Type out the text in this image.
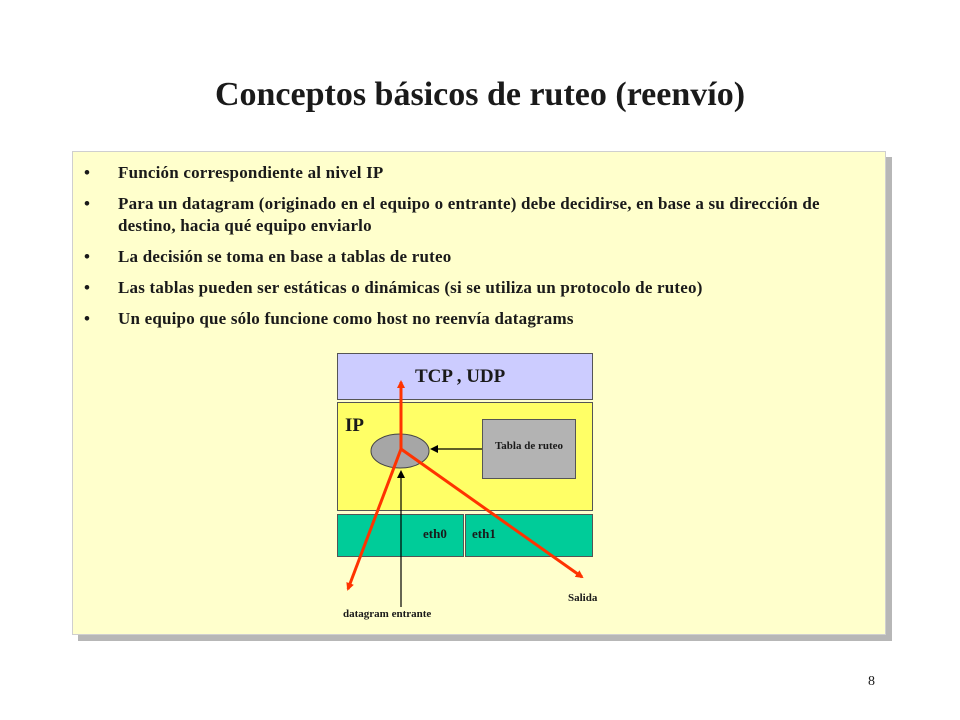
Conceptos básicos de ruteo (reenvío)
• Función correspondiente al nivel IP
• Para un datagram (originado en el equipo o entrante) debe decidirse, en base a su dirección de destino, hacia qué equipo enviarlo
• La decisión se toma en base a tablas de ruteo
• Las tablas pueden ser estáticas o dinámicas (si se utiliza un protocolo de ruteo)
• Un equipo que sólo funcione como host no reenvía datagrams
TCP , UDP
IP
Tabla de ruteo
eth0 eth1
datagram entrante
Salida
8
